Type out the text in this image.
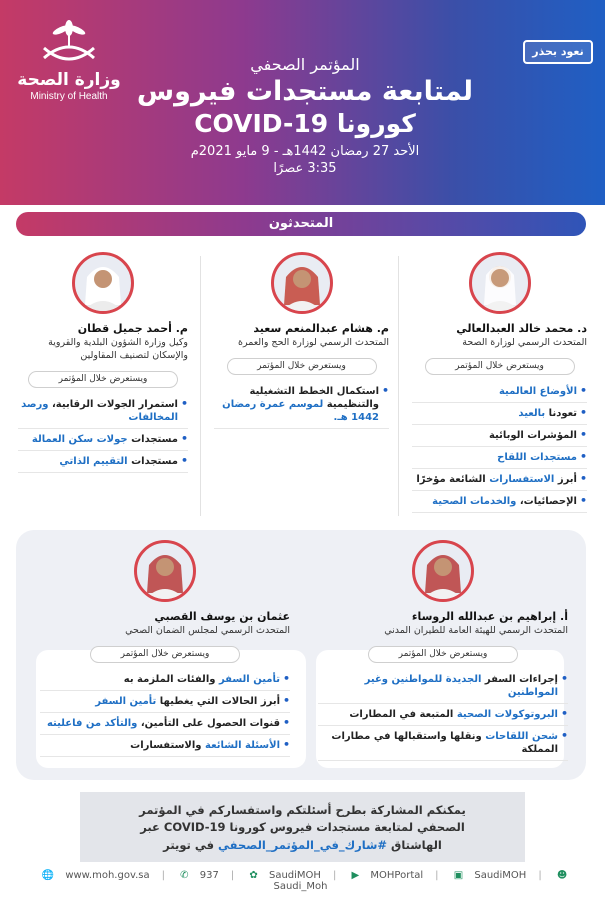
وزارة الصحة
Ministry of Health
نعود بحذر
المؤتمر الصحفي
لمتابعة مستجدات فيروس
كورونا COVID-19
الأحد 27 رمضان 1442هـ - 9 مايو 2021م
3:35 عصرًا
المتحدثون
د. محمد خالد العبدالعالي
المتحدث الرسمي لوزارة الصحة
ويستعرض خلال المؤتمر
• الأوضاع العالمية
• تعودنا بالعيد
• المؤشرات الوبائية
• مستجدات اللقاح
• أبرز الاستفسارات الشائعة مؤخرًا
• الإحصائيات، والخدمات الصحية
م. هشام عبدالمنعم سعيد
المتحدث الرسمي لوزارة الحج والعمرة
ويستعرض خلال المؤتمر
• استكمال الخطط التشغيلية والتنظيمية لموسم عمرة رمضان 1442 هـ.
م. أحمد جميل قطان
وكيل وزارة الشؤون البلدية والقروية والإسكان لتصنيف المقاولين
ويستعرض خلال المؤتمر
• استمرار الجولات الرقابية، ورصد المخالفات
• مستجدات جولات سكن العمالة
• مستجدات التقييم الذاتي
أ. إبراهيم بن عبدالله الروساء
المتحدث الرسمي للهيئة العامة للطيران المدني
ويستعرض خلال المؤتمر
• إجراءات السفر الجديدة للمواطنين وغير المواطنين
• البروتوكولات الصحية المتبعة في المطارات
• شحن اللقاحات ونقلها واستقبالها في مطارات المملكة
عثمان بن يوسف القصبي
المتحدث الرسمي لمجلس الضمان الصحي
ويستعرض خلال المؤتمر
• تأمين السفر والفئات الملزمة به
• أبرز الحالات التي يغطيها تأمين السفر
• قنوات الحصول على التأمين، والتأكد من فاعليته
• الأسئلة الشائعة والاستفسارات
يمكنكم المشاركة بطرح أسئلتكم واستفساركم في المؤتمر
الصحفي لمتابعة مستجدات فيروس كورونا COVID-19 عبر
الهاشتاق #شارك_في_المؤتمر_الصحفي في تويتر
🌐 www.moh.gov.sa | ✆ 937 | ✿ SaudiMOH | ▶ MOHPortal | ▣ SaudiMOH | ☻ Saudi_Moh
